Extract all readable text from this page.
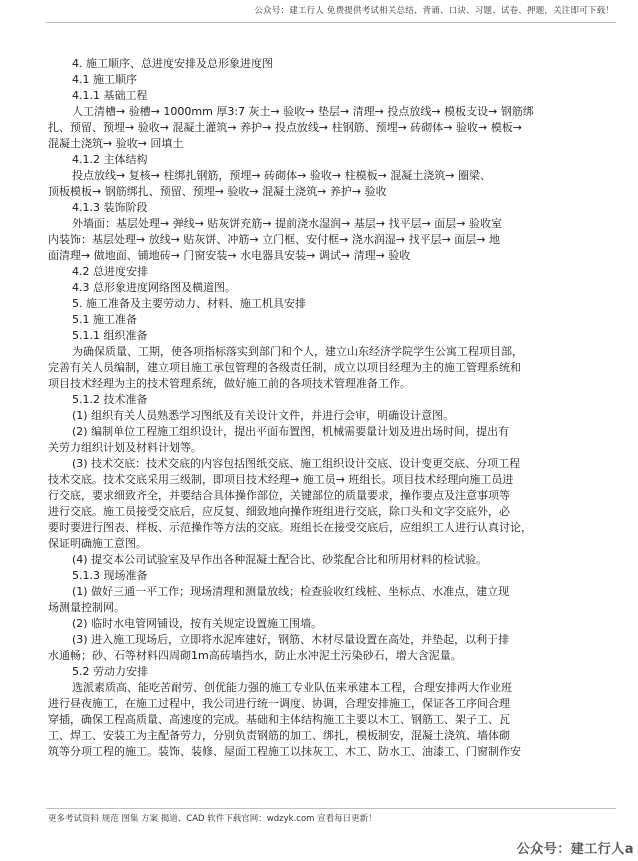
公众号：建工行人 免费提供考试相关总结、背诵、口诀、习题、试卷、押题，关注即可下载！
4. 施工顺序、总进度安排及总形象进度图
4.1 施工顺序
4.1.1 基础工程
人工清槽→ 验槽→ 1000mm 厚3:7 灰土→ 验收→ 垫层→ 清理→ 投点放线→ 模板支设→ 钢筋绑
扎、预留、预埋→ 验收→ 混凝土灌筑→ 养护→ 投点放线→ 柱钢筋、预埋→ 砖砌体→ 验收→ 模板→
混凝土浇筑→ 验收→ 回填土
4.1.2 主体结构
投点放线→ 复核→ 柱绑扎钢筋，预埋→ 砖砌体→ 验收→ 柱模板→ 混凝土浇筑→ 圈梁、
顶板模板→ 钢筋绑扎、预留、预埋→ 验收→ 混凝土浇筑→ 养护→ 验收
4.1.3 装饰阶段
外墙面：基层处理→ 弹线→ 贴灰饼充筋→ 提前浇水湿润→ 基层→ 找平层→ 面层→ 验收室
内装饰：基层处理→ 放线→ 贴灰饼、冲筋→ 立门框、安付框→ 浇水润湿→ 找平层→ 面层→ 地
面清理→ 做地面、铺地砖→ 门窗安装→ 水电器具安装→ 调试→ 清理→ 验收
4.2 总进度安排
4.3 总形象进度网络图及横道图。
5. 施工准备及主要劳动力、材料、施工机具安排
5.1 施工准备
5.1.1 组织准备
为确保质量、工期，使各项指标落实到部门和个人，建立山东经济学院学生公寓工程项目部，
完善有关人员编制，建立项目施工承包管理的各级责任制，成立以项目经理为主的施工管理系统和
项目技术经理为主的技术管理系统，做好施工前的各项技术管理准备工作。
5.1.2 技术准备
(1) 组织有关人员熟悉学习图纸及有关设计文件，并进行会审，明确设计意图。
(2) 编制单位工程施工组织设计，提出平面布置图，机械需要量计划及进出场时间，提出有
关劳力组织计划及材料计划等。
(3) 技术交底：技术交底的内容包括图纸交底、施工组织设计交底、设计变更交底、分项工程
技术交底。技术交底采用三级制，即项目技术经理→ 施工员→ 班组长。项目技术经理向施工员进
行交底，要求细致齐全，并要结合具体操作部位，关键部位的质量要求，操作要点及注意事项等
进行交底。施工员接受交底后，应反复、细致地向操作班组进行交底，除口头和文字交底外，必
要时要进行图表、样板、示范操作等方法的交底。班组长在接受交底后，应组织工人进行认真讨论，
保证明确施工意图。
(4) 提交本公司试验室及早作出各种混凝土配合比、砂浆配合比和所用材料的检试验。
5.1.3 现场准备
(1) 做好三通一平工作；现场清理和测量放线；检查验收红线桩、坐标点、水准点，建立现
场测量控制网。
(2) 临时水电管网铺设，按有关规定设置施工围墙。
(3) 进入施工现场后，立即将水泥库建好，钢筋、木材尽量设置在高处，并垫起，以利于排
水通畅；砂、石等材料四周砌1m高砖墙挡水，防止水冲泥土污染砂石，增大含泥量。
5.2 劳动力安排
选派素质高、能吃苦耐劳、创优能力强的施工专业队伍来承建本工程，合理安排两大作业班
进行昼夜施工，在施工过程中，我公司进行统一调度、协调，合理安排施工，保证各工序间合理
穿插，确保工程高质量、高速度的完成。基础和主体结构施工主要以木工、钢筋工、架子工、瓦
工、焊工、安装工为主配备劳力，分别负责钢筋的加工、绑扎，模板制安，混凝土浇筑、墙体砌
筑等分项工程的施工。装饰、装修、屋面工程施工以抹灰工、木工、防水工、油漆工、门窗制作安
更多考试资料 规范 图集 方案 揭道、CAD 软件下载官网：wdzyk.com 宣看每日更新！
公众号：建工行人a
